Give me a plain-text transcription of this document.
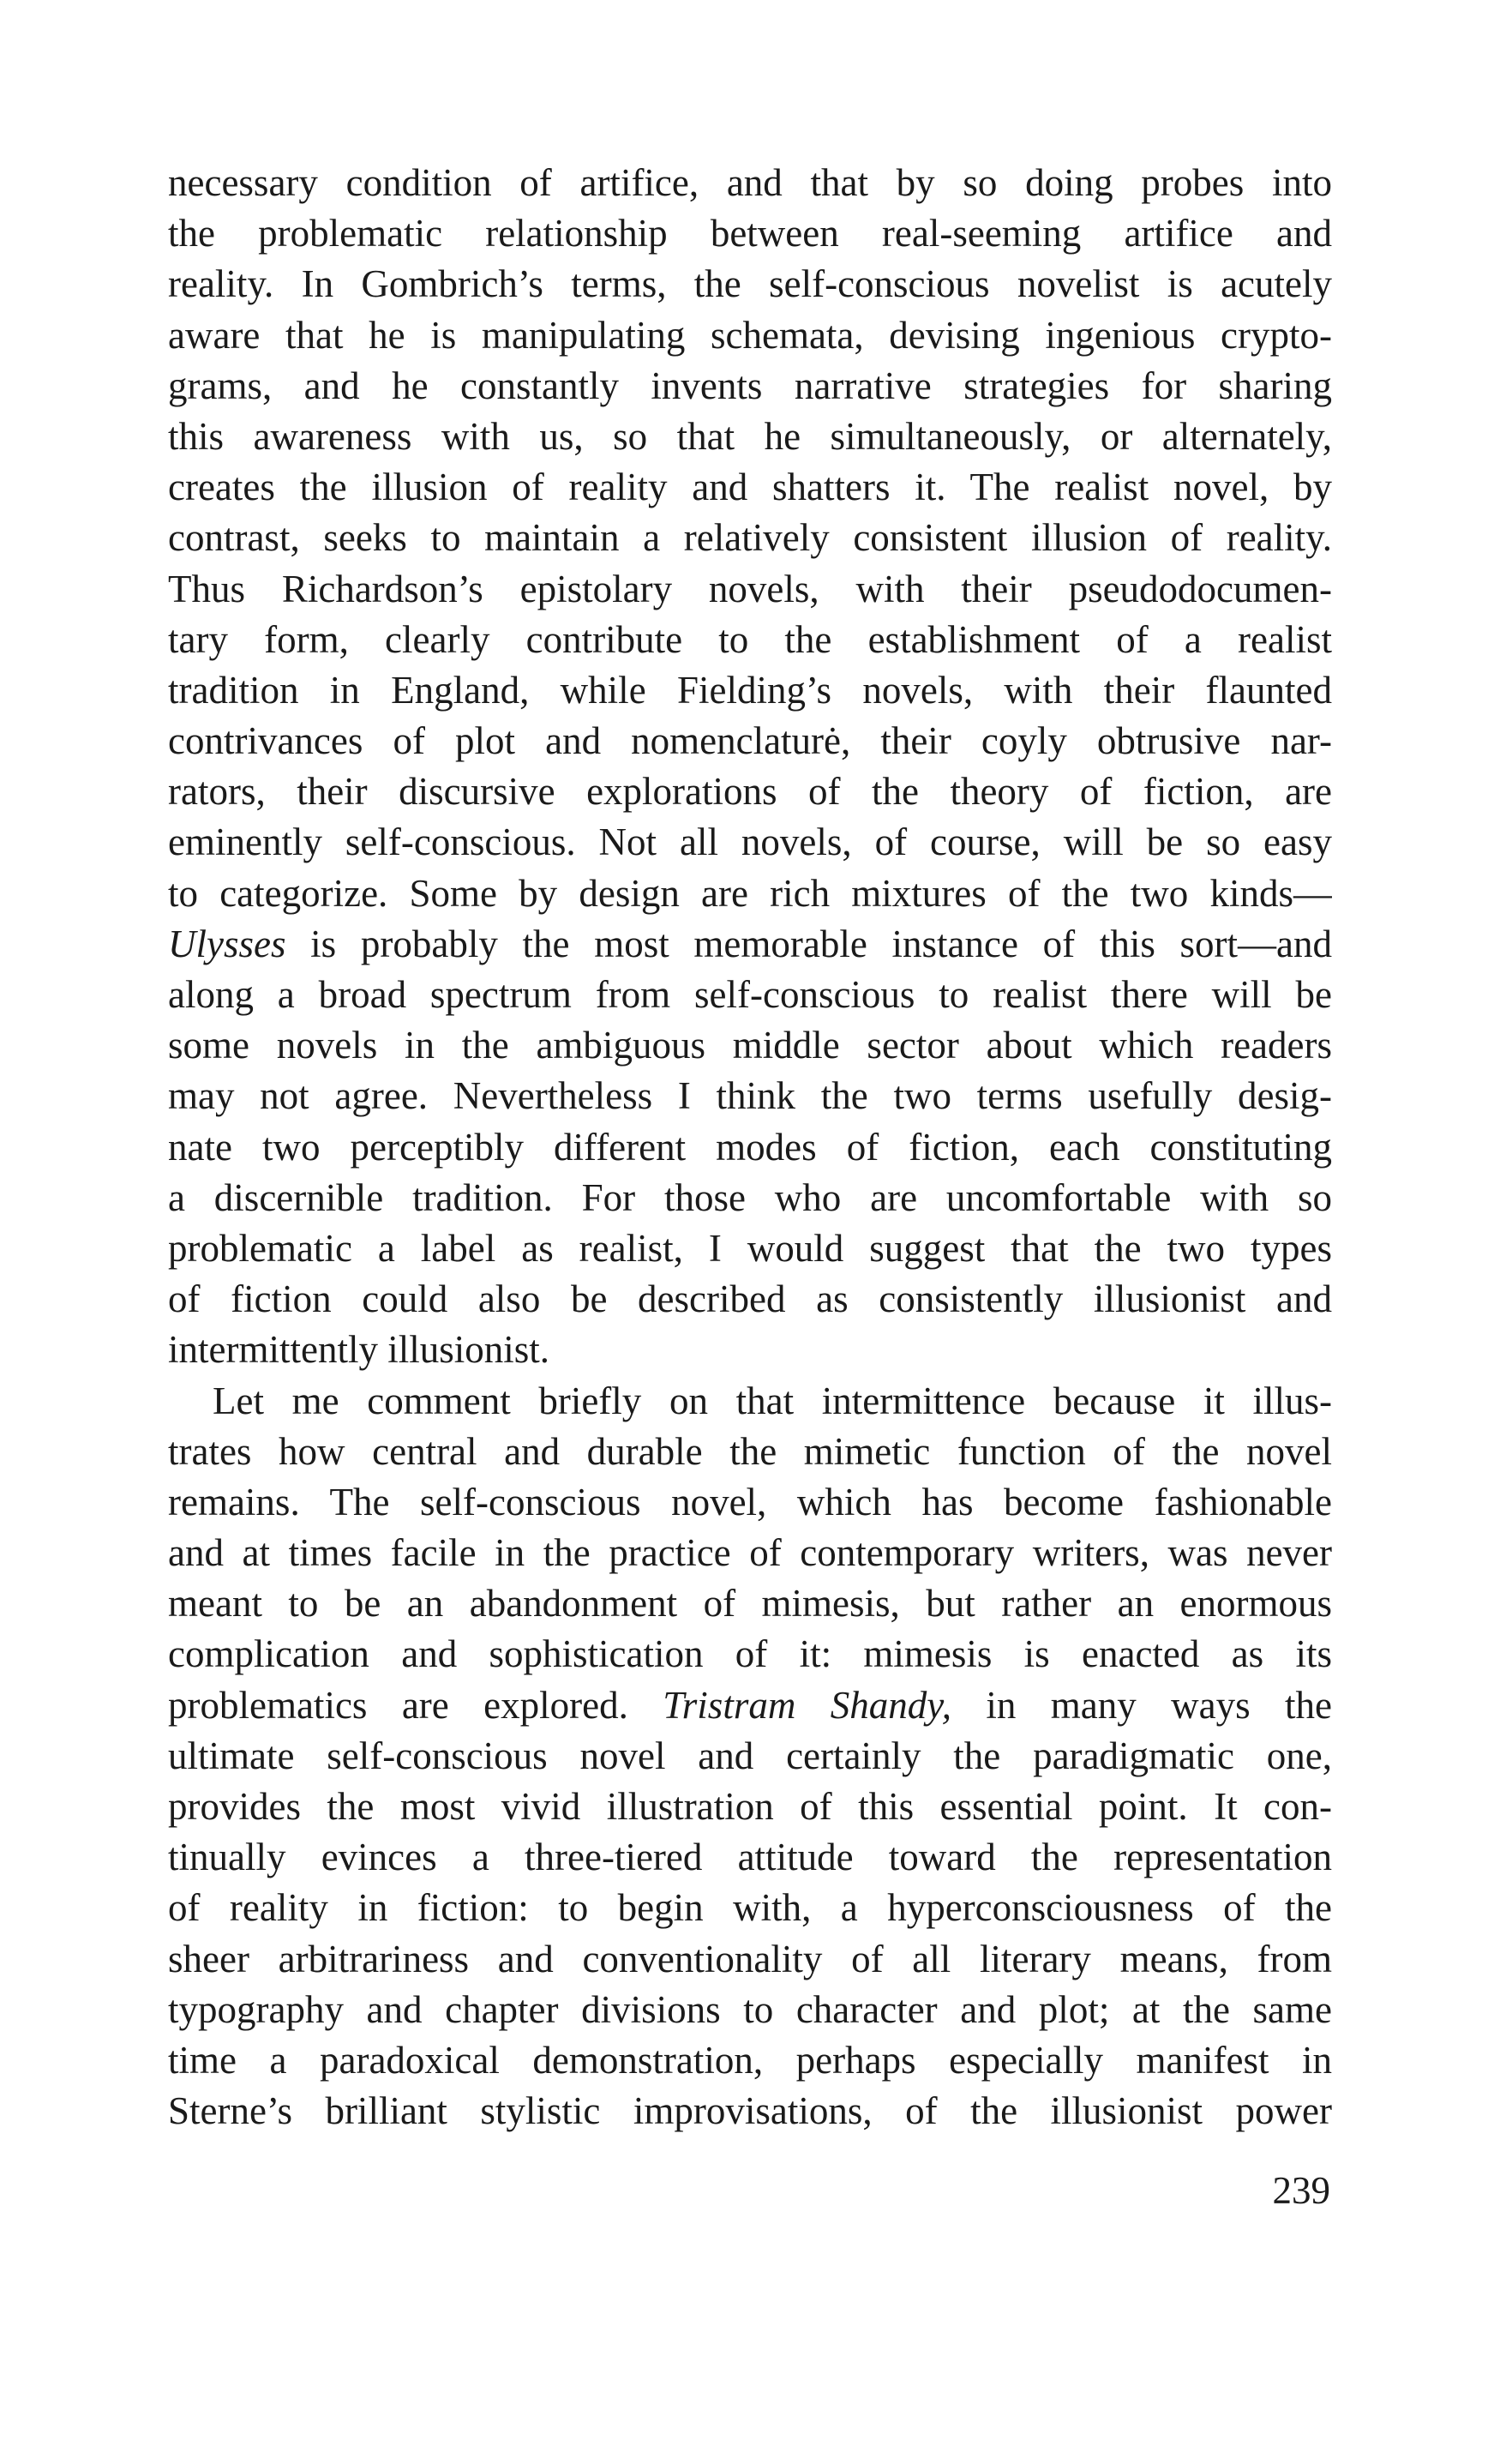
necessary condition of artifice, and that by so doing probes into
the problematic relationship between real-seeming artifice and
reality. In Gombrich’s terms, the self-conscious novelist is acutely
aware that he is manipulating schemata, devising ingenious crypto-
grams, and he constantly invents narrative strategies for sharing
this awareness with us, so that he simultaneously, or alternately,
creates the illusion of reality and shatters it. The realist novel, by
contrast, seeks to maintain a relatively consistent illusion of reality.
Thus Richardson’s epistolary novels, with their pseudodocumen-
tary form, clearly contribute to the establishment of a realist
tradition in England, while Fielding’s novels, with their flaunted
contrivances of plot and nomenclaturė, their coyly obtrusive nar-
rators, their discursive explorations of the theory of fiction, are
eminently self-conscious. Not all novels, of course, will be so easy
to categorize. Some by design are rich mixtures of the two kinds—
Ulysses is probably the most memorable instance of this sort—and
along a broad spectrum from self-conscious to realist there will be
some novels in the ambiguous middle sector about which readers
may not agree. Nevertheless I think the two terms usefully desig-
nate two perceptibly different modes of fiction, each constituting
a discernible tradition. For those who are uncomfortable with so
problematic a label as realist, I would suggest that the two types
of fiction could also be described as consistently illusionist and
intermittently illusionist.
Let me comment briefly on that intermittence because it illus-
trates how central and durable the mimetic function of the novel
remains. The self-conscious novel, which has become fashionable
and at times facile in the practice of contemporary writers, was never
meant to be an abandonment of mimesis, but rather an enormous
complication and sophistication of it: mimesis is enacted as its
problematics are explored. Tristram Shandy, in many ways the
ultimate self-conscious novel and certainly the paradigmatic one,
provides the most vivid illustration of this essential point. It con-
tinually evinces a three-tiered attitude toward the representation
of reality in fiction: to begin with, a hyperconsciousness of the
sheer arbitrariness and conventionality of all literary means, from
typography and chapter divisions to character and plot; at the same
time a paradoxical demonstration, perhaps especially manifest in
Sterne’s brilliant stylistic improvisations, of the illusionist power
239
